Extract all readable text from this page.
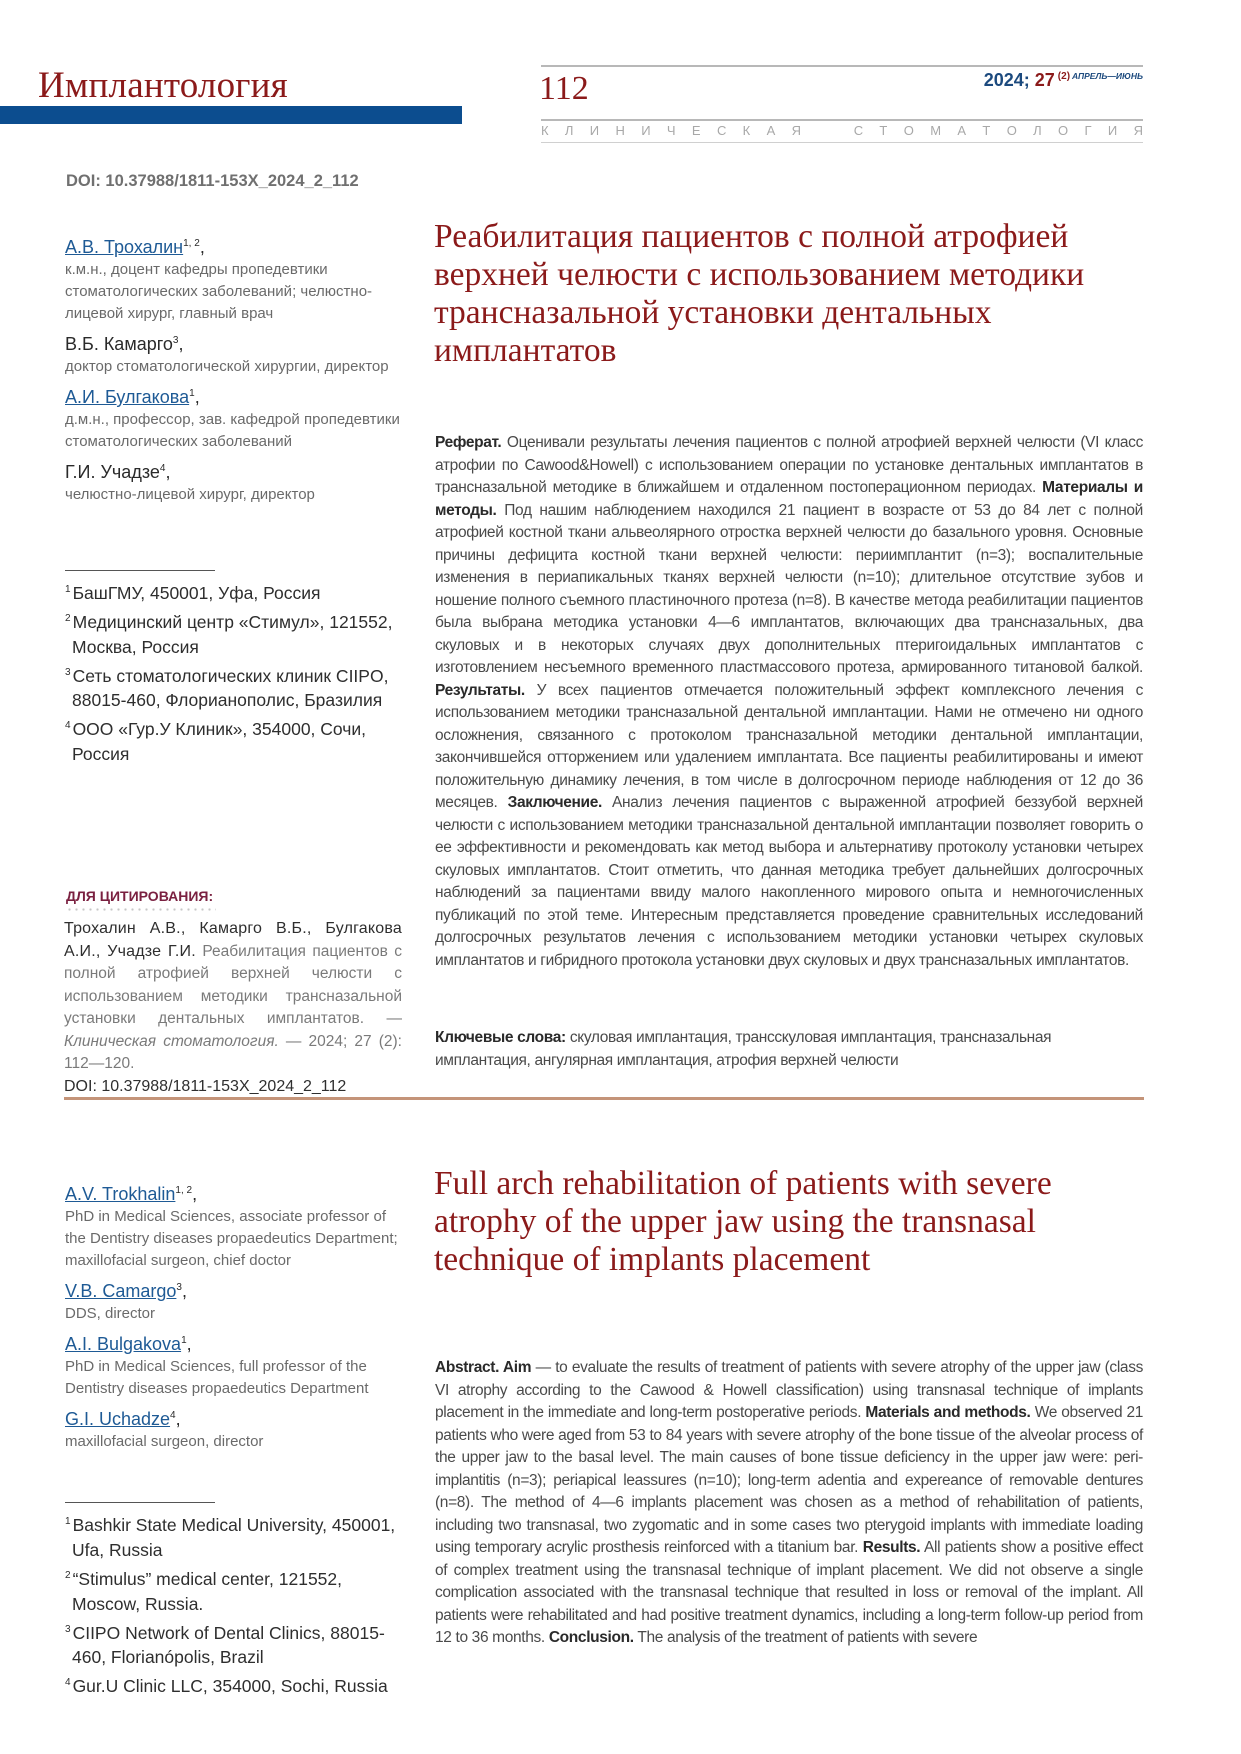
Имплантология	112	2024; 27 $^{(2)}$ $^{АПРЕЛЬ—ИЮНЬ}$
К Л И Н И Ч Е С К А Я	С Т О М А Т О Л О Г И Я
DOI: 10.37988/1811-153X_2024_2_112
А.В. Трохалин$^{1, 2}$,
к.м.н., доцент кафедры пропедевтики стоматологических заболеваний; челюстно-лицевой хирург, главный врач
В.Б. Камарго$^3$,
доктор стоматологической хирургии, директор
А.И. Булгакова$^1$,
д.м.н., профессор, зав. кафедрой пропедевтики стоматологических заболеваний
Г.И. Учадзе$^4$,
челюстно-лицевой хирург, директор
$^1$ БашГМУ, 450001, Уфа, Россия
$^2$ Медицинский центр «Стимул», 121552, Москва, Россия
$^3$ Сеть стоматологических клиник CIIPO, 88015-460, Флорианополис, Бразилия
$^4$ ООО «Гур.У Клиник», 354000, Сочи, Россия
ДЛЯ ЦИТИРОВАНИЯ:
Трохалин А.В., Камарго В.Б., Булгакова А.И., Учадзе Г.И. Реабилитация пациентов с полной атрофией верхней челюсти с использованием методики трансназальной установки дентальных имплантатов. — Клиническая стоматология. — 2024; 27 (2): 112—120.
DOI: 10.37988/1811-153X_2024_2_112
Реабилитация пациентов с полной атрофией верхней челюсти с использованием методики трансназальной установки дентальных имплантатов
Реферат. Оценивали результаты лечения пациентов с полной атрофией верхней челюсти (VI класс атрофии по Cawood&Howell) с использованием операции по установке дентальных имплантатов в трансназальной методике в ближайшем и отдаленном постоперационном периодах. Материалы и методы. Под нашим наблюдением находился 21 пациент в возрасте от 53 до 84 лет с полной атрофией костной ткани альвеолярного отростка верхней челюсти до базального уровня. Основные причины дефицита костной ткани верхней челюсти: периимплантит (n=3); воспалительные изменения в периапикальных тканях верхней челюсти (n=10); длительное отсутствие зубов и ношение полного съемного пластиночного протеза (n=8). В качестве метода реабилитации пациентов была выбрана методика установки 4—6 имплантатов, включающих два трансназальных, два скуловых и в некоторых случаях двух дополнительных птеригоидальных имплантатов с изготовлением несъемного временного пластмассового протеза, армированного титановой балкой. Результаты. У всех пациентов отмечается положительный эффект комплексного лечения с использованием методики трансназальной дентальной имплантации. Нами не отмечено ни одного осложнения, связанного с протоколом трансназальной методики дентальной имплантации, закончившейся отторжением или удалением имплантата. Все пациенты реабилитированы и имеют положительную динамику лечения, в том числе в долгосрочном периоде наблюдения от 12 до 36 месяцев. Заключение. Анализ лечения пациентов с выраженной атрофией беззубой верхней челюсти с использованием методики трансназальной дентальной имплантации позволяет говорить о ее эффективности и рекомендовать как метод выбора и альтернативу протоколу установки четырех скуловых имплантатов. Стоит отметить, что данная методика требует дальнейших долгосрочных наблюдений за пациентами ввиду малого накопленного мирового опыта и немногочисленных публикаций по этой теме. Интересным представляется проведение сравнительных исследований долгосрочных результатов лечения с использованием методики установки четырех скуловых имплантатов и гибридного протокола установки двух скуловых и двух трансназальных имплантатов.
Ключевые слова: скуловая имплантация, трансскуловая имплантация, трансназальная имплантация, ангулярная имплантация, атрофия верхней челюсти
A.V. Trokhalin$^{1, 2}$,
PhD in Medical Sciences, associate professor of the Dentistry diseases propaedeutics Department; maxillofacial surgeon, chief doctor
V.B. Camargo$^3$,
DDS, director
A.I. Bulgakova$^1$,
PhD in Medical Sciences, full professor of the Dentistry diseases propaedeutics Department
G.I. Uchadze$^4$,
maxillofacial surgeon, director
$^1$ Bashkir State Medical University, 450001, Ufa, Russia
$^2$ “Stimulus” medical center, 121552, Moscow, Russia.
$^3$ CIIPO Network of Dental Clinics, 88015-460, Florianópolis, Brazil
$^4$ Gur.U Clinic LLC, 354000, Sochi, Russia
Full arch rehabilitation of patients with severe atrophy of the upper jaw using the transnasal technique of implants placement
Abstract. Aim — to evaluate the results of treatment of patients with severe atrophy of the upper jaw (class VI atrophy according to the Cawood & Howell classification) using transnasal technique of implants placement in the immediate and long-term postoperative periods. Materials and methods. We observed 21 patients who were aged from 53 to 84 years with severe atrophy of the bone tissue of the alveolar process of the upper jaw to the basal level. The main causes of bone tissue deficiency in the upper jaw were: peri-implantitis (n=3); periapical leassures (n=10); long-term adentia and expereance of removable dentures (n=8). The method of 4—6 implants placement was chosen as a method of rehabilitation of patients, including two transnasal, two zygomatic and in some cases two pterygoid implants with immediate loading using temporary acrylic prosthesis reinforced with a titanium bar. Results. All patients show a positive effect of complex treatment using the transnasal technique of implant placement. We did not observe a single complication associated with the transnasal technique that resulted in loss or removal of the implant. All patients were rehabilitated and had positive treatment dynamics, including a long-term follow-up period from 12 to 36 months. Conclusion. The analysis of the treatment of patients with severe
